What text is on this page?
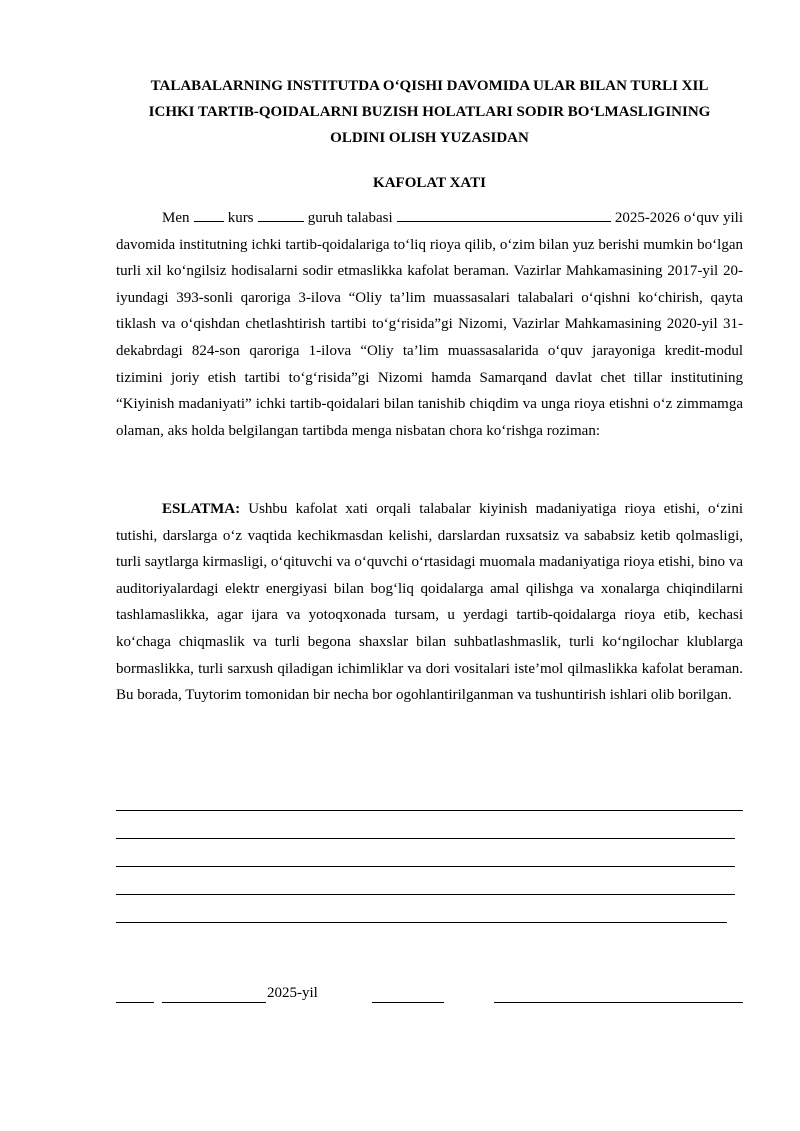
TALABALARNING INSTITUTDA O‘QISHI DAVOMIDA ULAR BILAN TURLI XIL
ICHKI TARTIB-QOIDALARNI BUZISH HOLATLARI SODIR BO‘LMASLIGINING
OLDINI OLISH YUZASIDAN
KAFOLAT XATI

Men	kurs	guruh talabasi	2025-2026 o‘quv yili davomida institutning ichki tartib-qoidalariga to‘liq rioya qilib, o‘zim bilan yuz berishi mumkin bo‘lgan turli xil ko‘ngilsiz hodisalarni sodir etmaslikka kafolat beraman. Vazirlar Mahkamasining 2017-yil 20-iyundagi 393-sonli qaroriga 3-ilova “Oliy ta’lim muassasalari talabalari o‘qishni ko‘chirish, qayta tiklash va o‘qishdan chetlashtirish tartibi to‘g‘risida”gi Nizomi, Vazirlar Mahkamasining 2020-yil 31-dekabrdagi 824-son qaroriga 1-ilova “Oliy ta’lim muassasalarida o‘quv jarayoniga kredit-modul tizimini joriy etish tartibi to‘g‘risida”gi Nizomi hamda Samarqand davlat chet tillar institutining “Kiyinish madaniyati” ichki tartib-qoidalari bilan tanishib chiqdim va unga rioya etishni o‘z zimmamga olaman, aks holda belgilangan tartibda menga nisbatan chora ko‘rishga roziman:

ESLATMA: Ushbu kafolat xati orqali talabalar kiyinish madaniyatiga rioya etishi, o‘zini tutishi, darslarga o‘z vaqtida kechikmasdan kelishi, darslardan ruxsatsiz va sababsiz ketib qolmasligi, turli saytlarga kirmasligi, o‘qituvchi va o‘quvchi o‘rtasidagi muomala madaniyatiga rioya etishi, bino va auditoriyalardagi elektr energiyasi bilan bog‘liq qoidalarga amal qilishga va xonalarga chiqindilarni tashlamaslikka, agar ijara va yotoqxonada tursam, u yerdagi tartib-qoidalarga rioya etib, kechasi ko‘chaga chiqmaslik va turli begona shaxslar bilan suhbatlashmaslik, turli ko‘ngilochar klublarga bormaslikka, turli sarxush qiladigan ichimliklar va dori vositalari iste’mol qilmaslikka kafolat beraman. Bu borada, Tuytorim tomonidan bir necha bor ogohlantirilganman va tushuntirish ishlari olib borilgan.

2025-yil
